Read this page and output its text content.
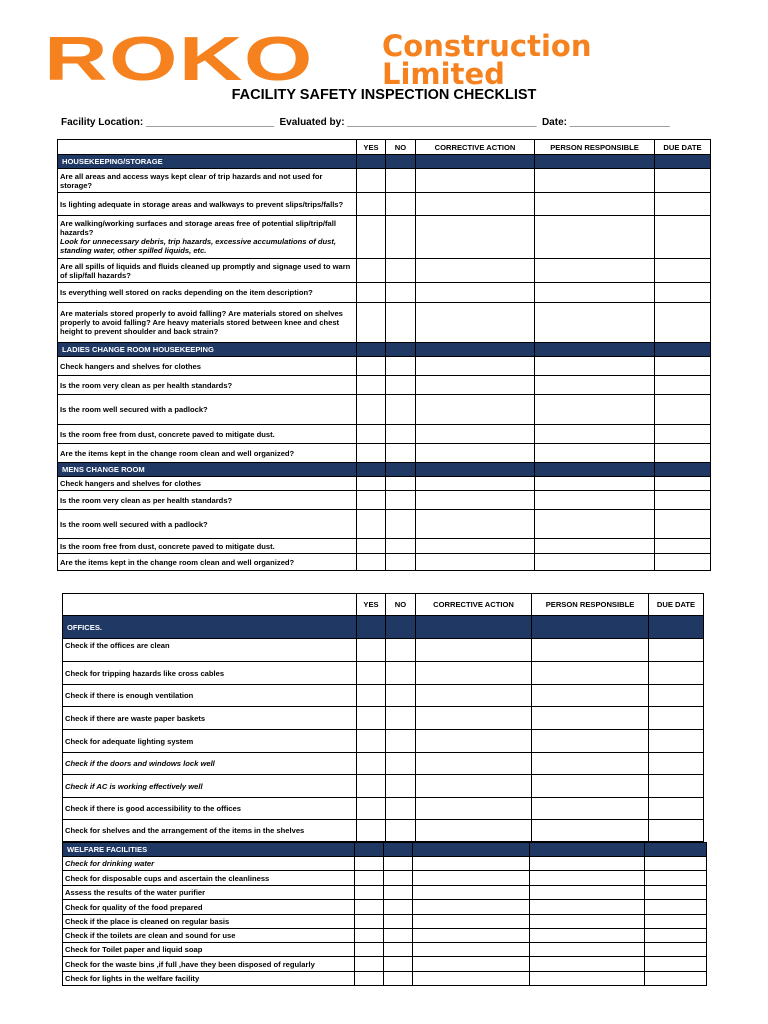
ROKO Construction
Limited
FACILITY SAFETY INSPECTION CHECKLIST
Facility Location: _______________________ Evaluated by: __________________________________ Date: __________________
	YES	NO	CORRECTIVE ACTION	PERSON RESPONSIBLE	DUE DATE
HOUSEKEEPING/STORAGE					
Are all areas and access ways kept clear of trip hazards and not used for storage?					
Is lighting adequate in storage areas and walkways to prevent slips/trips/falls?					
Are walking/working surfaces and storage areas free of potential slip/trip/fall hazards?
Look for unnecessary debris, trip hazards, excessive accumulations of dust, standing water, other spilled liquids, etc.					

Are all spills of liquids and fluids cleaned up promptly and signage used to warn of slip/fall hazards?					
Is everything well stored on racks depending on the item description?					
Are materials stored properly to avoid falling? Are materials stored on shelves properly to avoid falling? Are heavy materials stored between knee and chest height to prevent shoulder and back strain?					
LADIES CHANGE ROOM HOUSEKEEPING					
Check hangers and shelves for clothes					
Is the room very clean as per health standards?					
Is the room well secured with a padlock?					
Is the room free from dust, concrete paved to mitigate dust.					
Are the items kept in the change room clean and well organized?					
MENS CHANGE ROOM					
Check hangers and shelves for clothes					
Is the room very clean as per health standards?					
Is the room well secured with a padlock?					
Is the room free from dust, concrete paved to mitigate dust.					
Are the items kept in the change room clean and well organized?					
	YES	NO	CORRECTIVE ACTION	PERSON RESPONSIBLE	DUE DATE
OFFICES.					
Check if the offices are clean					
Check for tripping hazards like cross cables					
Check if there is enough ventilation					
Check if there are waste paper baskets					
Check for adequate lighting system					
Check if the doors and windows lock well					
Check if AC is working effectively well					
Check if there is good accessibility to the offices					
Check for shelves and the arrangement of the items in the shelves					
WELFARE FACILITIES					
Check for drinking water					
Check for disposable cups and ascertain the cleanliness					
Assess the results of the water purifier					
Check for quality of the food prepared					
Check if the place is cleaned on regular basis					
Check if the toilets are clean and sound for use					
Check for Toilet paper and liquid soap					
Check for the waste bins ,if full ,have they been disposed of regularly					
Check for lights in the welfare facility					
